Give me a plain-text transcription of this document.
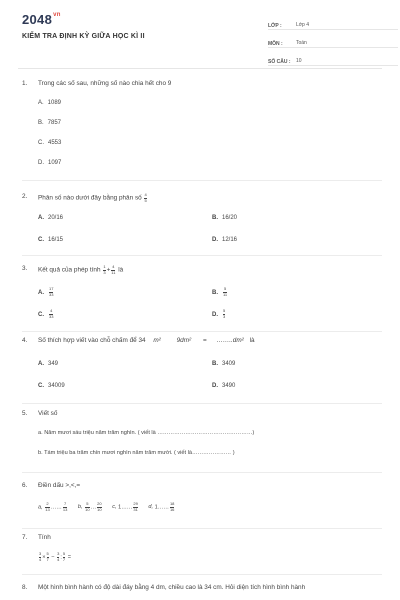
$2048^{vn}$
KIỂM TRA ĐỊNH KỲ GIỮA HỌC KÌ II
LỚP :	Lớp 4
MÔN :	Toán
SỐ CÂU :	10
1.	Trong các số sau, những số nào chia hết cho 9
A. 1089
B. 7857
C. 4553
D. 1097
2.	Phân số nào dưới đây bằng phân số $\frac{4}{5}$
A. 20/16	B. 16/20
C. 16/15	D. 12/16
3.	Kết quả của phép tính $\frac{1}{3} + \frac{4}{11}$ là
A. $\frac{17}{33}$	B. $\frac{5}{11}$
C. $\frac{4}{33}$	D. $\frac{5}{3}$
4.	Số thích hợp viết vào chỗ chấm để 34 m² 9dm² = ……..dm² là
A. 349	B. 3409
C. 34009	D. 3490
5.	Viết số
a. Năm mươi sáu triệu năm trăm nghìn. ( viết là ……………………………………………)
b. Tám triệu ba trăm chín mươi nghìn năm trăm mười. ( viết là………………… )
6.	Điền dấu >,<,=
a, $\frac{2}{13}$ …… $\frac{7}{13} b$, $\frac{5}{10}$ … $\frac{20}{10} c$, 1…… $\frac{29}{31} d$, 1…… $\frac{18}{16}$
7.	Tính
$\frac{3}{4} \times \frac{5}{7} - \frac{3}{4}$ : $\frac{5}{7}$ =
8.	Một hình bình hành có độ dài đáy bằng 4 dm, chiều cao là 34 cm. Hỏi diện tích hình bình hành
